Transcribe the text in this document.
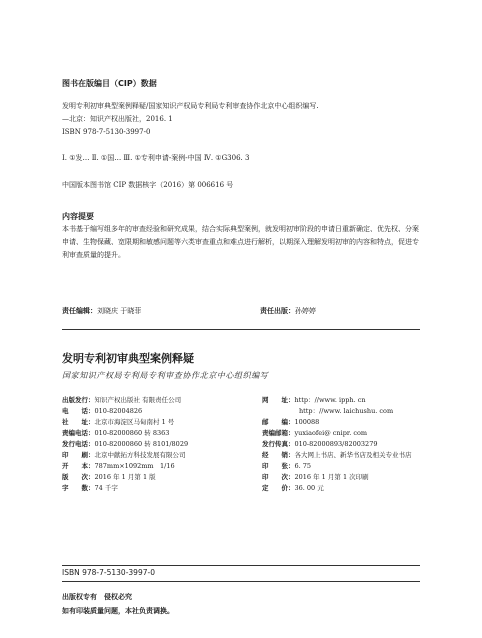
图书在版编目（CIP）数据
发明专利初审典型案例释疑/国家知识产权局专利局专利审查协作北京中心组织编写.
—北京：知识产权出版社，2016. 1
ISBN 978-7-5130-3997-0
Ⅰ. ①发… Ⅱ. ①国… Ⅲ. ①专利申请-案例-中国 Ⅳ. ①G306. 3
中国版本图书馆 CIP 数据核字（2016）第 006616 号
内容提要
本书基于编写组多年的审查经验和研究成果，结合实际典型案例，就发明初审阶段的申请日重新确定、优先权、分案申请、生物保藏、宽限期和敏感问题等六类审查重点和难点进行解析，以期深入理解发明初审的内容和特点，促进专利审查质量的提升。
责任编辑：刘晓庆 于晓菲	责任出版：孙婷婷
发明专利初审典型案例释疑
国家知识产权局专利局专利审查协作北京中心组织编写
出版发行：知识产权出版社 有限责任公司
电　　话：010-82004826
社　　址：北京市海淀区马甸南村 1 号
责编电话：010-82000860 转 8363
发行电话：010-82000860 转 8101/8029
印　　刷：北京中献拓方科技发展有限公司
开　　本：787mm×1092mm　1/16
版　　次：2016 年 1 月第 1 版
字　　数：74 千字
网　　址：http：//www. ipph. cn
http：//www. laichushu. com
邮　　编：100088
责编邮箱：yuxiaofei@ cnipr. com
发行传真：010-82000893/82003279
经　　销：各大网上书店、新华书店及相关专业书店
印　　张：6. 75
印　　次：2016 年 1 月第 1 次印刷
定　　价：36. 00 元
ISBN 978-7-5130-3997-0
出版权专有　侵权必究
如有印装质量问题，本社负责调换。
